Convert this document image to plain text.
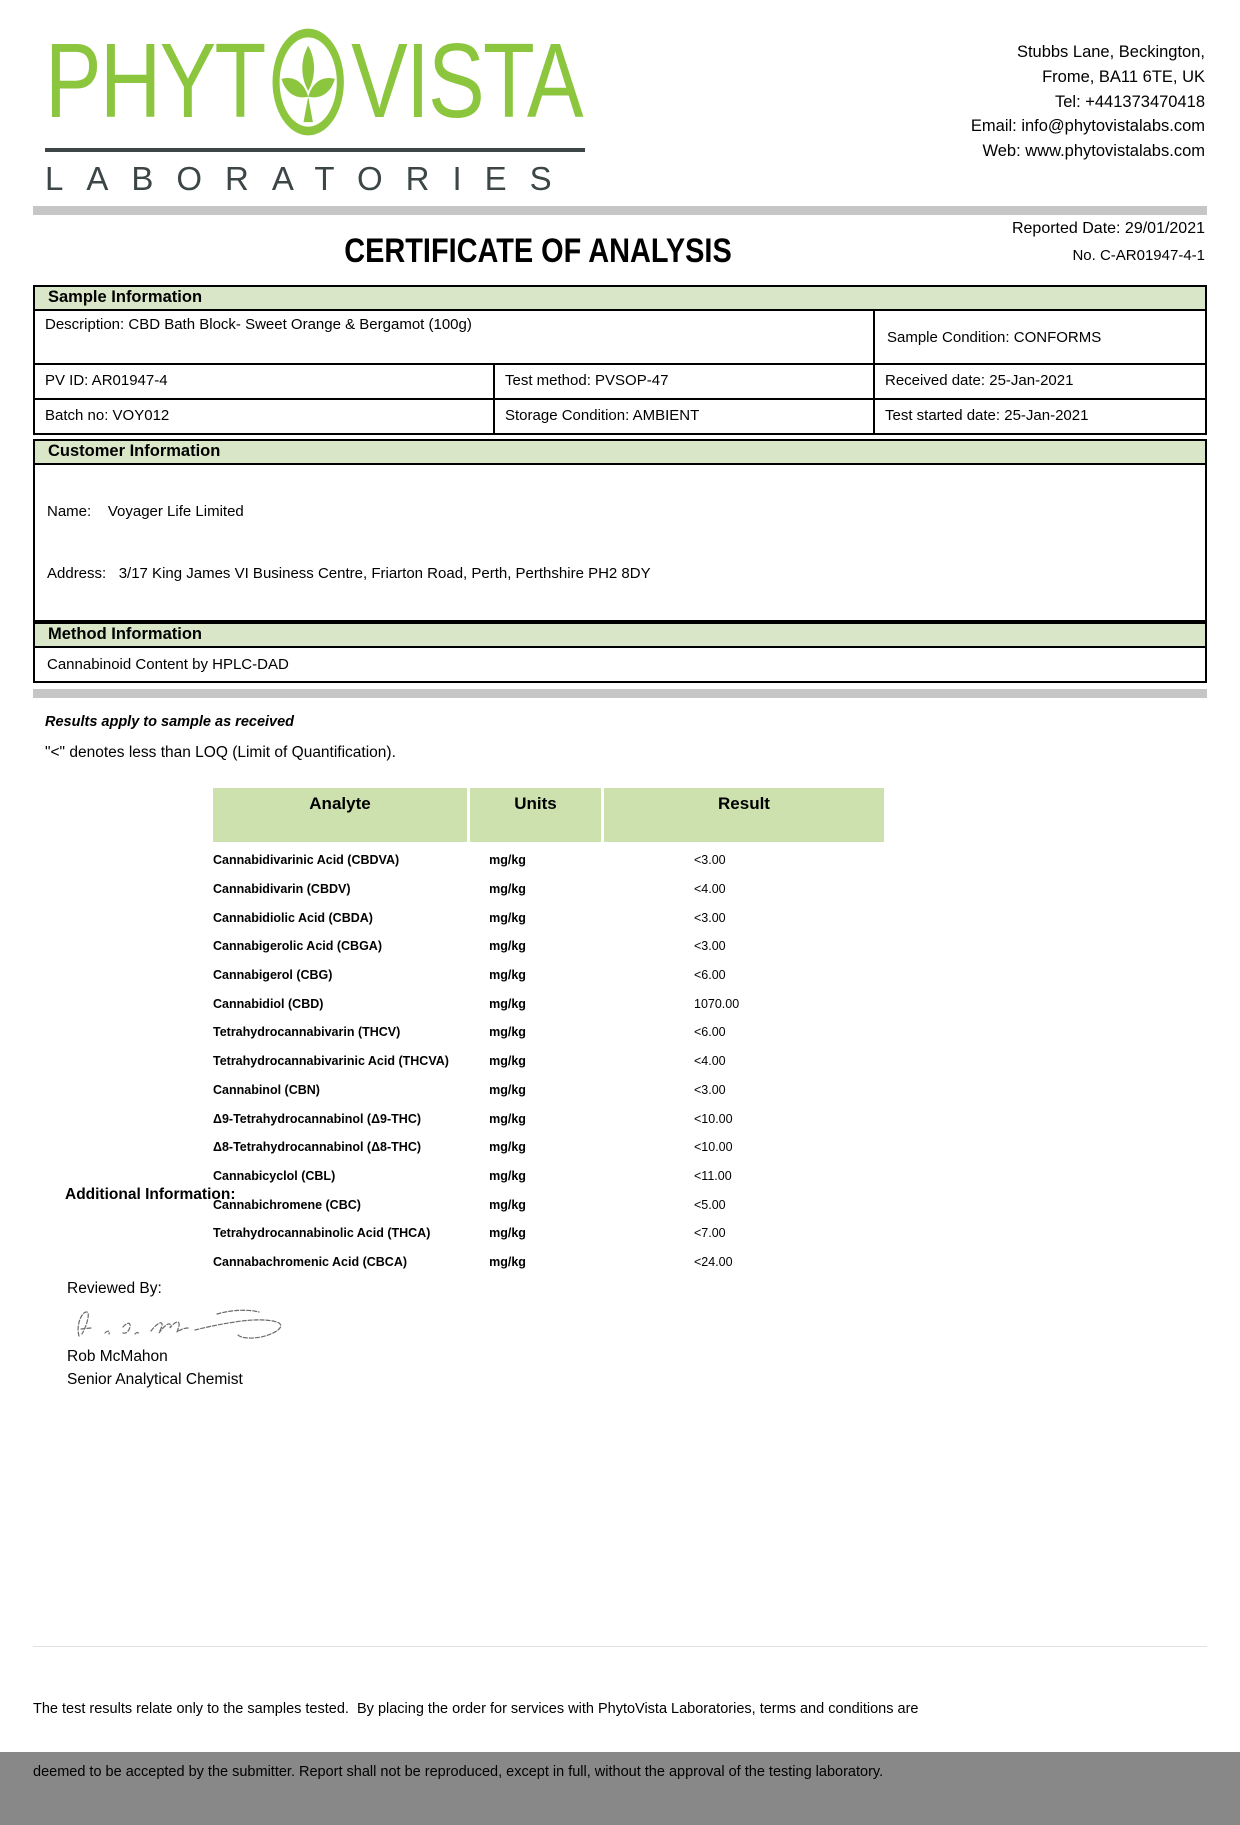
PHYT VISTA
LABORATORIES
Stubbs Lane, Beckington,
Frome, BA11 6TE, UK
Tel: +441373470418
Email: info@phytovistalabs.com
Web: www.phytovistalabs.com
Reported Date: 29/01/2021
No. C-AR01947-4-1
CERTIFICATE OF ANALYSIS
Sample Information
Description: CBD Bath Block- Sweet Orange & Bergamot (100g)
Sample Condition: CONFORMS
PV ID: AR01947-4	Test method: PVSOP-47	Received date: 25-Jan-2021
Batch no: VOY012	Storage Condition: AMBIENT	Test started date: 25-Jan-2021
Customer Information

Name:    Voyager Life Limited

Address:   3/17 King James VI Business Centre, Friarton Road, Perth, Perthshire PH2 8DY

Method Information
Cannabinoid Content by HPLC-DAD
Results apply to sample as received
"<" denotes less than LOQ (Limit of Quantification).
Analyte	Units	Result
Cannabidivarinic Acid (CBDVA)	mg/kg	<3.00
Cannabidivarin (CBDV)	mg/kg	<4.00
Cannabidiolic Acid (CBDA)	mg/kg	<3.00
Cannabigerolic Acid (CBGA)	mg/kg	<3.00
Cannabigerol (CBG)	mg/kg	<6.00
Cannabidiol (CBD)	mg/kg	1070.00
Tetrahydrocannabivarin (THCV)	mg/kg	<6.00
Tetrahydrocannabivarinic Acid (THCVA)	mg/kg	<4.00
Cannabinol (CBN)	mg/kg	<3.00
Δ9-Tetrahydrocannabinol (Δ9-THC)	mg/kg	<10.00
Δ8-Tetrahydrocannabinol (Δ8-THC)	mg/kg	<10.00
Cannabicyclol (CBL)	mg/kg	<11.00
Cannabichromene (CBC)	mg/kg	<5.00
Tetrahydrocannabinolic Acid (THCA)	mg/kg	<7.00
Cannabachromenic Acid (CBCA)	mg/kg	<24.00
Additional Information:
Reviewed By:
Rob McMahon
Senior Analytical Chemist

The test results relate only to the samples tested.  By placing the order for services with PhytoVista Laboratories, terms and conditions are

deemed to be accepted by the submitter. Report shall not be reproduced, except in full, without the approval of the testing laboratory.
